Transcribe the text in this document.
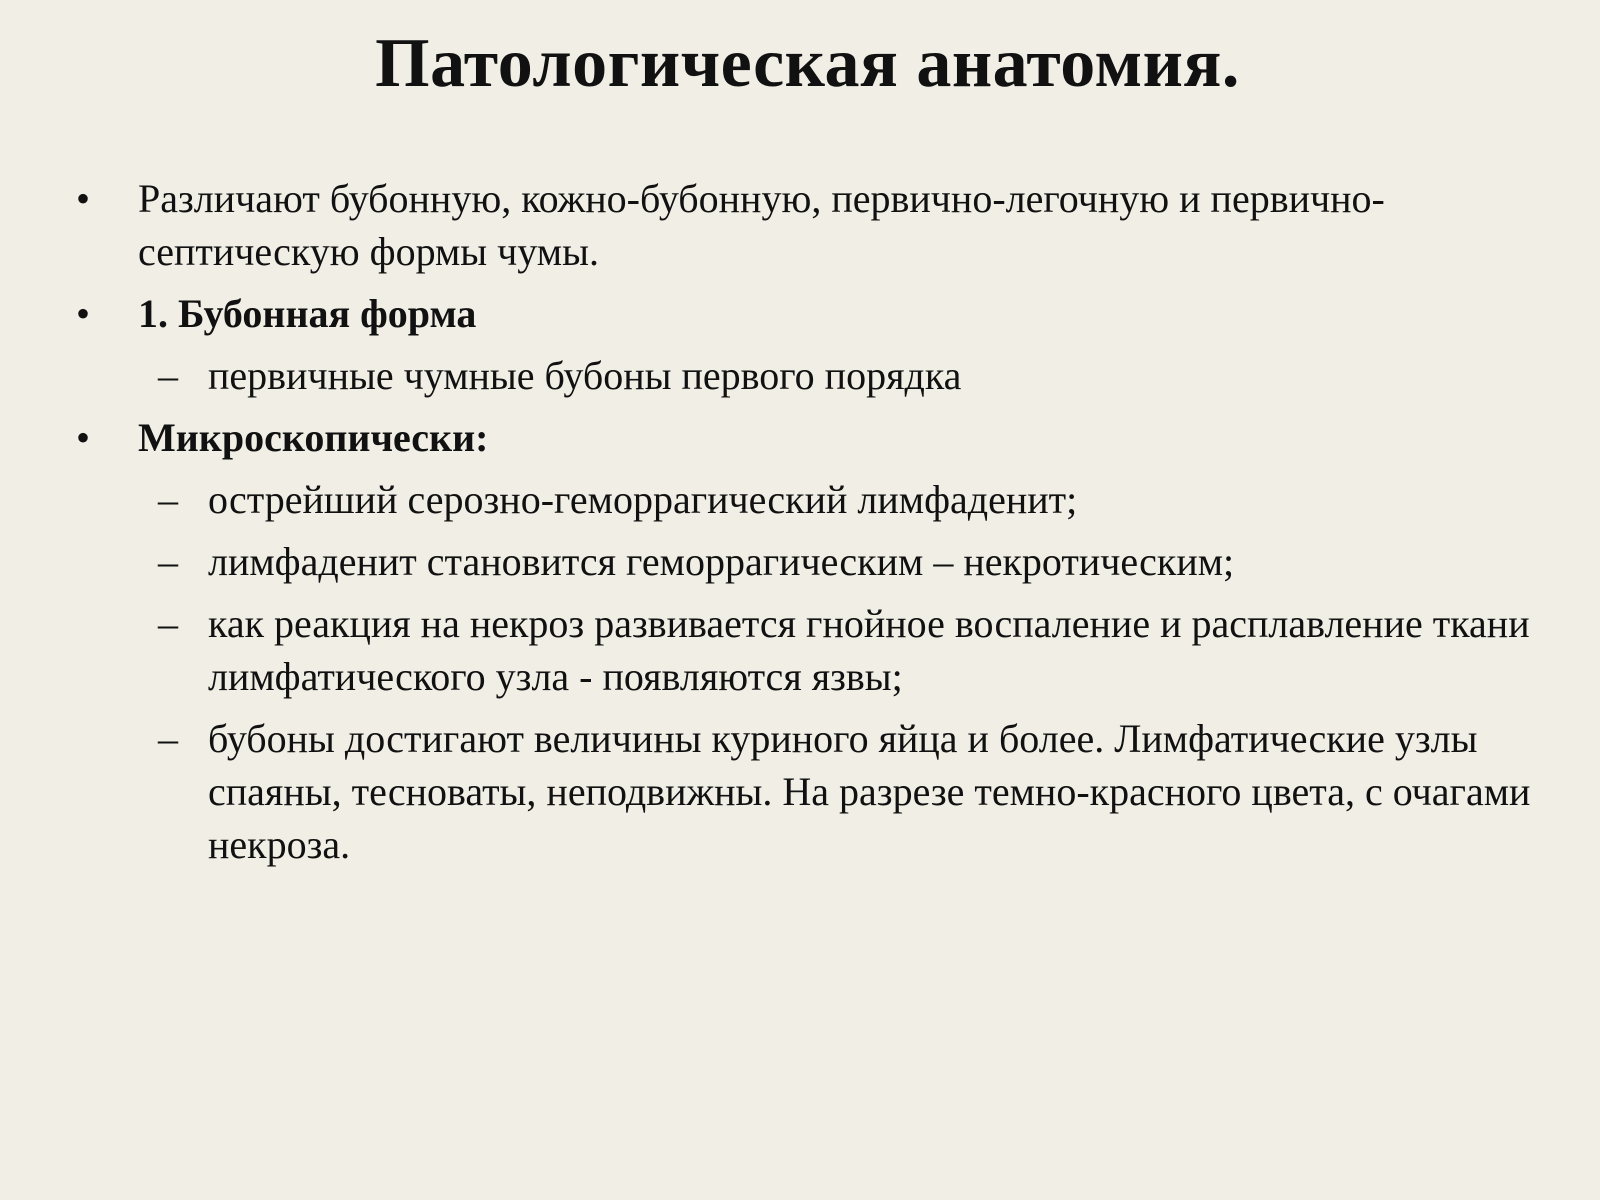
Патологическая анатомия.
• Различают бубонную, кожно-бубонную, первично-легочную и первично-септическую формы чумы.
• 1. Бубонная форма
– первичные чумные бубоны первого порядка
• Микроскопически:
– острейший серозно-геморрагический лимфаденит;
– лимфаденит становится геморрагическим – некротическим;
– как реакция на некроз развивается гнойное воспаление и расплавление ткани лимфатического узла - появляются язвы;
– бубоны достигают величины куриного яйца и более. Лимфатические узлы спаяны, тесноваты, неподвижны. На разрезе темно-красного цвета, с очагами некроза.
